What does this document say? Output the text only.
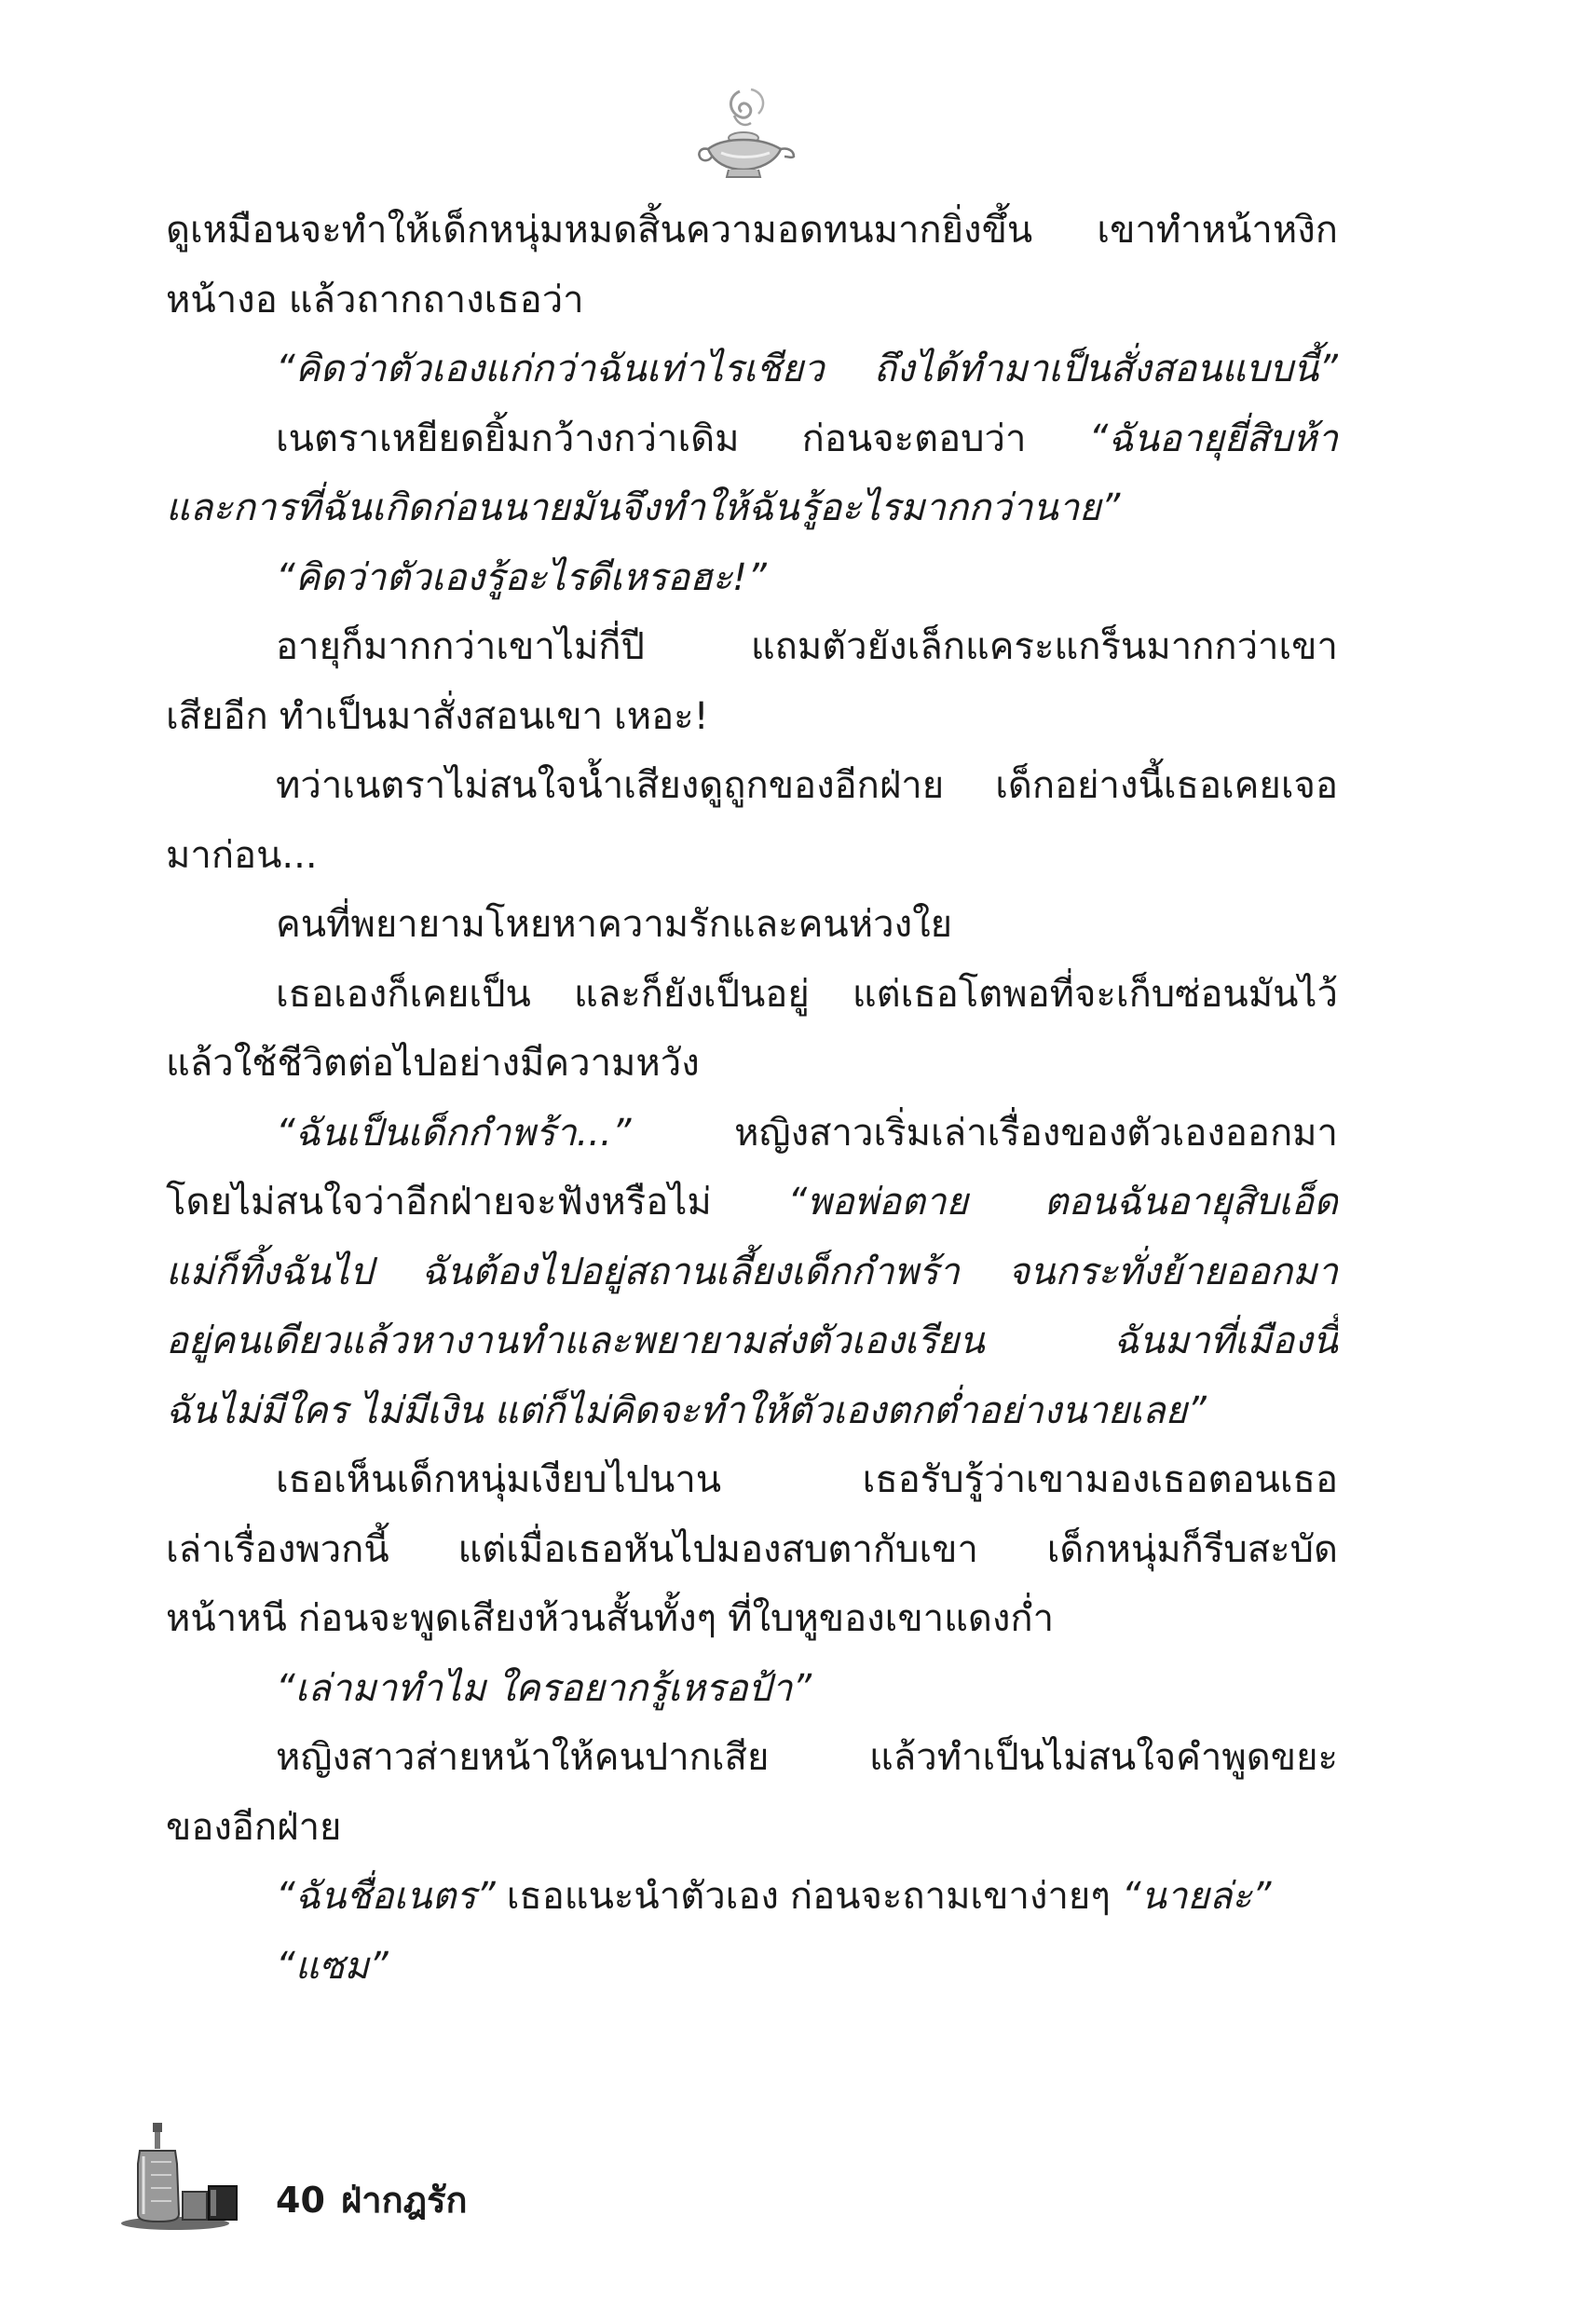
ดูเหมือนจะทำให้เด็กหนุ่มหมดสิ้นความอดทนมากยิ่งขึ้น เขาทำหน้าหงิก
หน้างอ แล้วถากถางเธอว่า
“คิดว่าตัวเองแก่กว่าฉันเท่าไรเชียว ถึงได้ทำมาเป็นสั่งสอนแบบนี้”
เนตราเหยียดยิ้มกว้างกว่าเดิม ก่อนจะตอบว่า “ฉันอายุยี่สิบห้า
และการที่ฉันเกิดก่อนนายมันจึงทำให้ฉันรู้อะไรมากกว่านาย”
“คิดว่าตัวเองรู้อะไรดีเหรอฮะ!”
อายุก็มากกว่าเขาไม่กี่ปี	แถมตัวยังเล็กแคระแกร็นมากกว่าเขา
เสียอีก ทำเป็นมาสั่งสอนเขา เหอะ!
ทว่าเนตราไม่สนใจน้ำเสียงดูถูกของอีกฝ่าย เด็กอย่างนี้เธอเคยเจอ
มาก่อน...
คนที่พยายามโหยหาความรักและคนห่วงใย
เธอเองก็เคยเป็น และก็ยังเป็นอยู่ แต่เธอโตพอที่จะเก็บซ่อนมันไว้
แล้วใช้ชีวิตต่อไปอย่างมีความหวัง
“ฉันเป็นเด็กกำพร้า...”	หญิงสาวเริ่มเล่าเรื่องของตัวเองออกมา
โดยไม่สนใจว่าอีกฝ่ายจะฟังหรือไม่ “พอพ่อตาย ตอนฉันอายุสิบเอ็ด
แม่ก็ทิ้งฉันไป ฉันต้องไปอยู่สถานเลี้ยงเด็กกำพร้า จนกระทั่งย้ายออกมา
อยู่คนเดียวแล้วหางานทำและพยายามส่งตัวเองเรียน	ฉันมาที่เมืองนี้
ฉันไม่มีใคร ไม่มีเงิน แต่ก็ไม่คิดจะทำให้ตัวเองตกต่ำอย่างนายเลย”
เธอเห็นเด็กหนุ่มเงียบไปนาน	เธอรับรู้ว่าเขามองเธอตอนเธอ
เล่าเรื่องพวกนี้ แต่เมื่อเธอหันไปมองสบตากับเขา เด็กหนุ่มก็รีบสะบัด
หน้าหนี ก่อนจะพูดเสียงห้วนสั้นทั้งๆ ที่ใบหูของเขาแดงก่ำ
“เล่ามาทำไม ใครอยากรู้เหรอป้า”
หญิงสาวส่ายหน้าให้คนปากเสีย	แล้วทำเป็นไม่สนใจคำพูดขยะ
ของอีกฝ่าย
“ฉันชื่อเนตร” เธอแนะนำตัวเอง ก่อนจะถามเขาง่ายๆ “นายล่ะ”
“แซม”
40 ฝ่ากฎรัก
